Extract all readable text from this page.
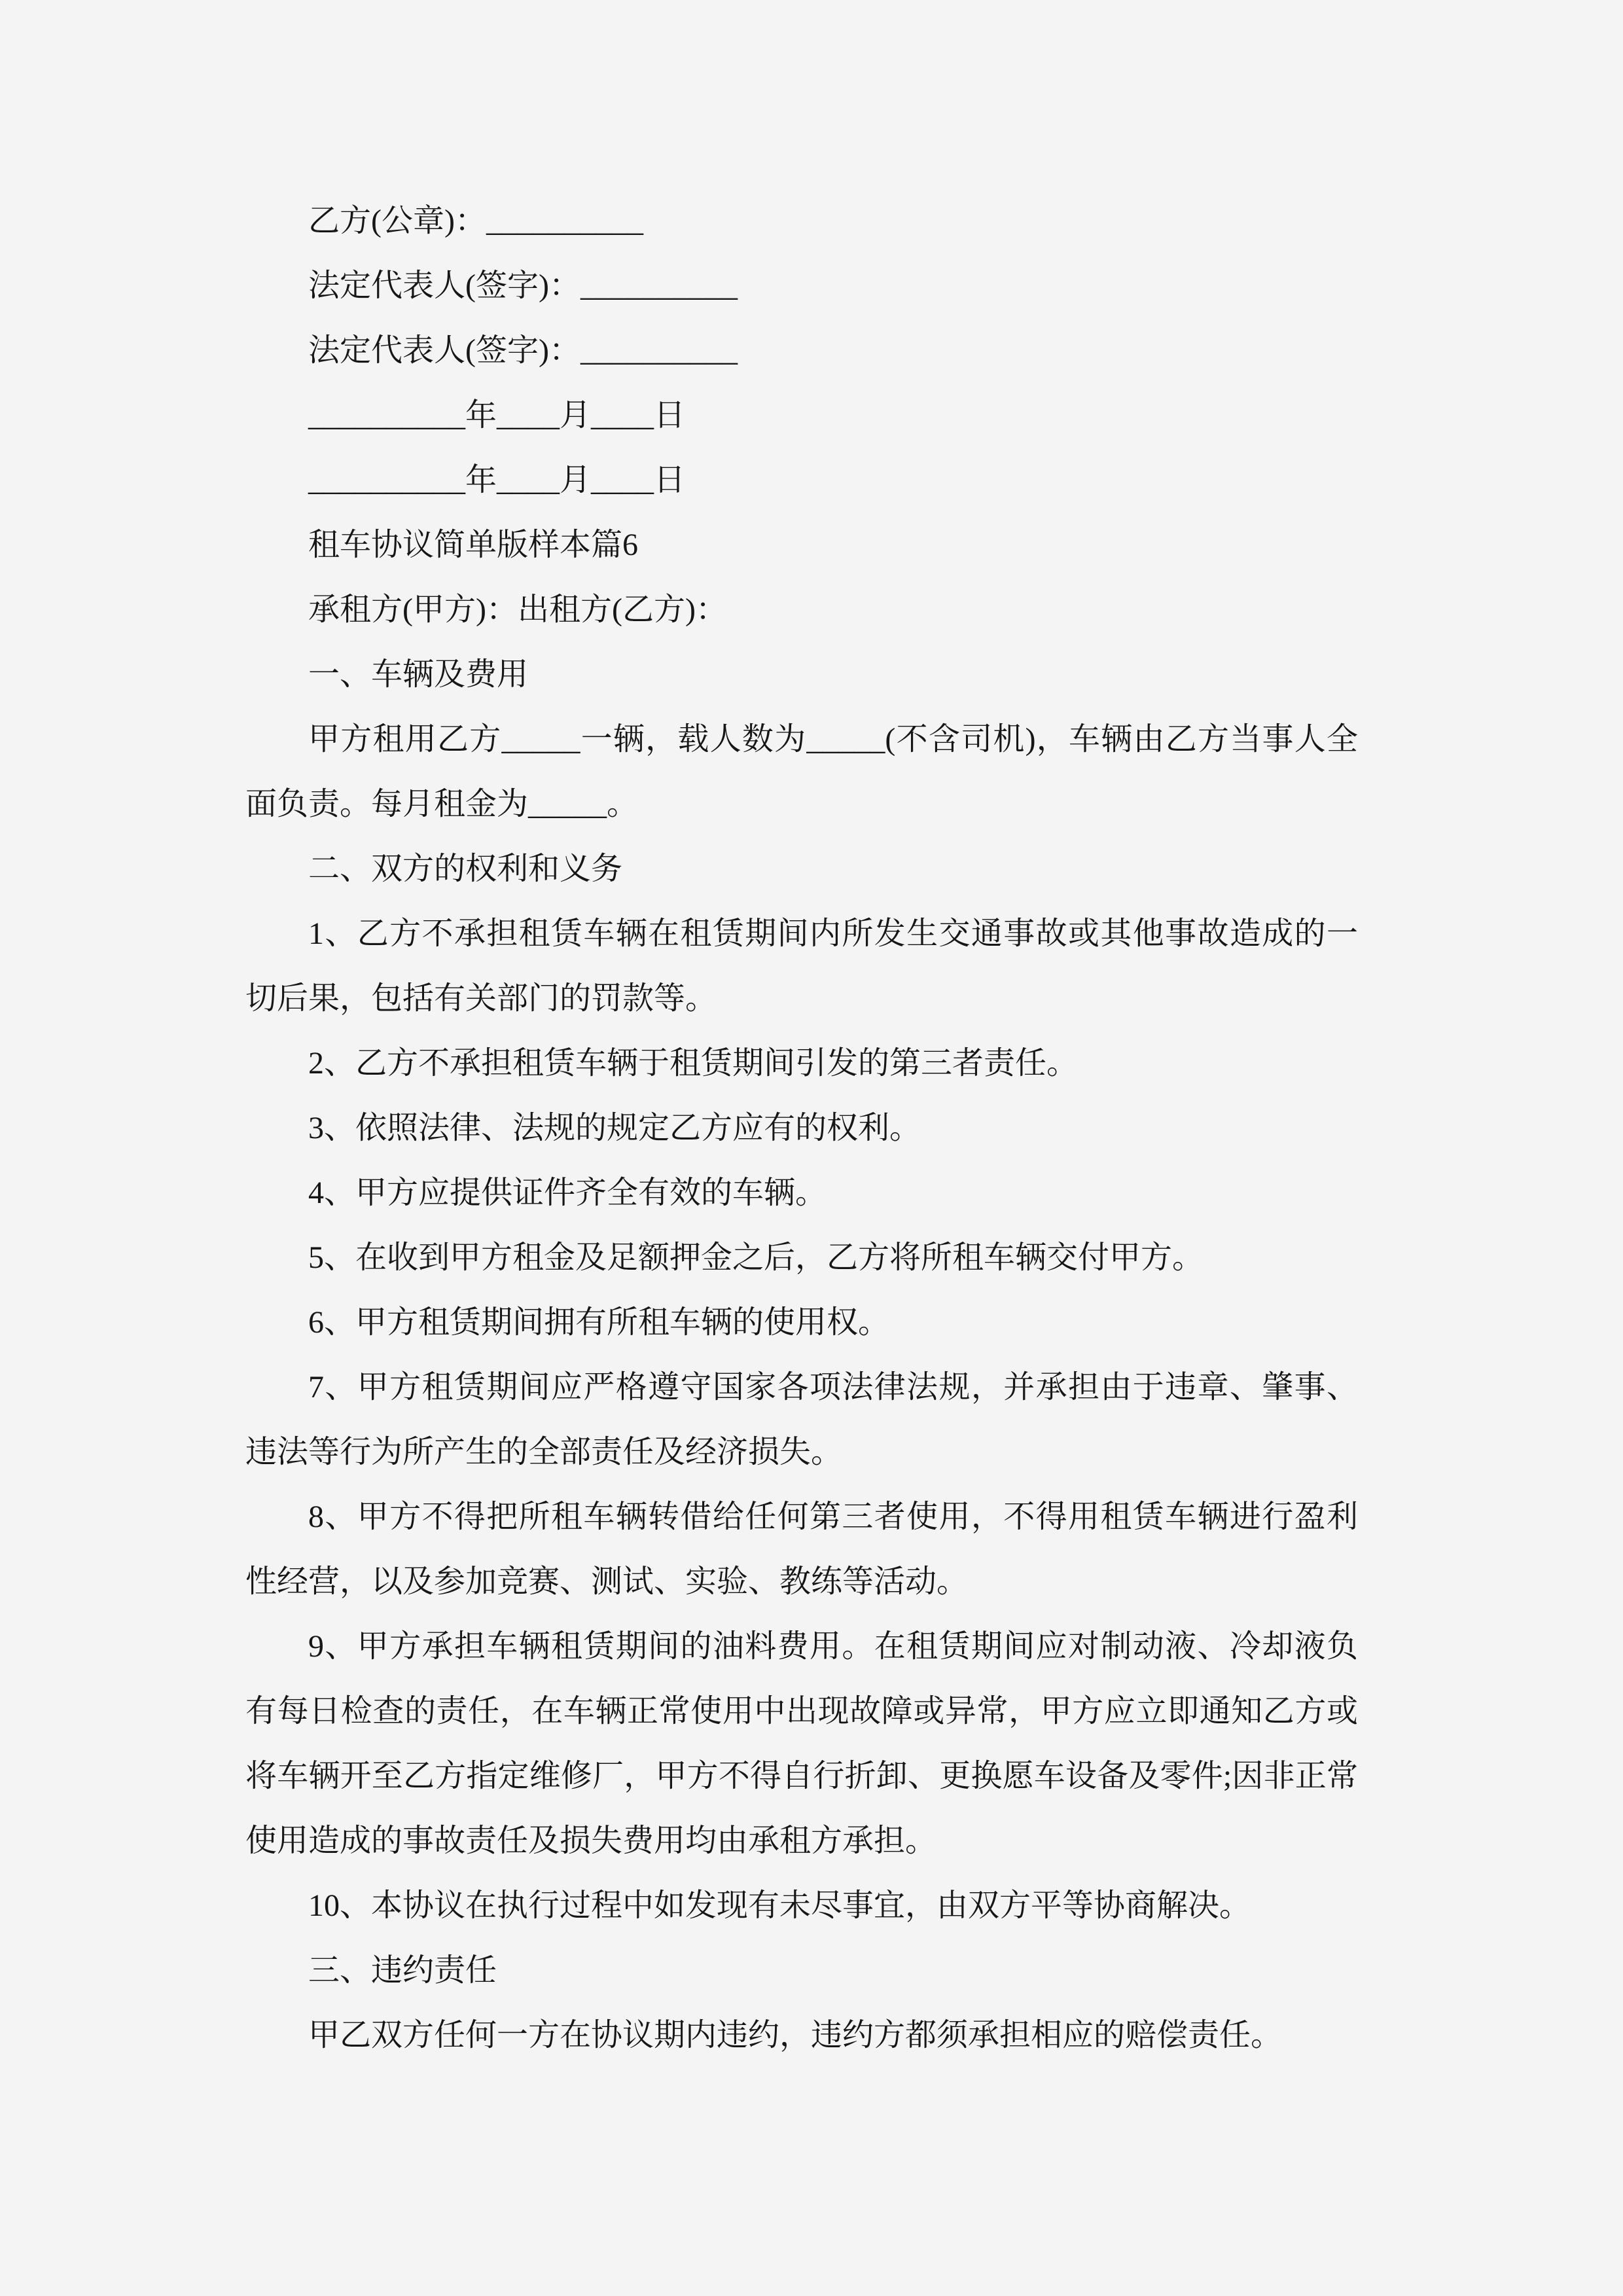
乙方(公章)：__________

法定代表人(签字)：__________

法定代表人(签字)：__________

__________年____月____日

__________年____月____日

租车协议简单版样本篇6

承租方(甲方)：出租方(乙方)：

一、车辆及费用

甲方租用乙方_____一辆，载人数为_____(不含司机)，车辆由乙方当事人全面负责。每月租金为_____。

二、双方的权利和义务

1、乙方不承担租赁车辆在租赁期间内所发生交通事故或其他事故造成的一切后果，包括有关部门的罚款等。

2、乙方不承担租赁车辆于租赁期间引发的第三者责任。

3、依照法律、法规的规定乙方应有的权利。

4、甲方应提供证件齐全有效的车辆。

5、在收到甲方租金及足额押金之后，乙方将所租车辆交付甲方。

6、甲方租赁期间拥有所租车辆的使用权。

7、甲方租赁期间应严格遵守国家各项法律法规，并承担由于违章、肇事、违法等行为所产生的全部责任及经济损失。

8、甲方不得把所租车辆转借给任何第三者使用，不得用租赁车辆进行盈利性经营，以及参加竞赛、测试、实验、教练等活动。

9、甲方承担车辆租赁期间的油料费用。在租赁期间应对制动液、冷却液负有每日检查的责任，在车辆正常使用中出现故障或异常，甲方应立即通知乙方或将车辆开至乙方指定维修厂，甲方不得自行折卸、更换愿车设备及零件;因非正常使用造成的事故责任及损失费用均由承租方承担。

10、本协议在执行过程中如发现有未尽事宜，由双方平等协商解决。

三、违约责任

甲乙双方任何一方在协议期内违约，违约方都须承担相应的赔偿责任。
